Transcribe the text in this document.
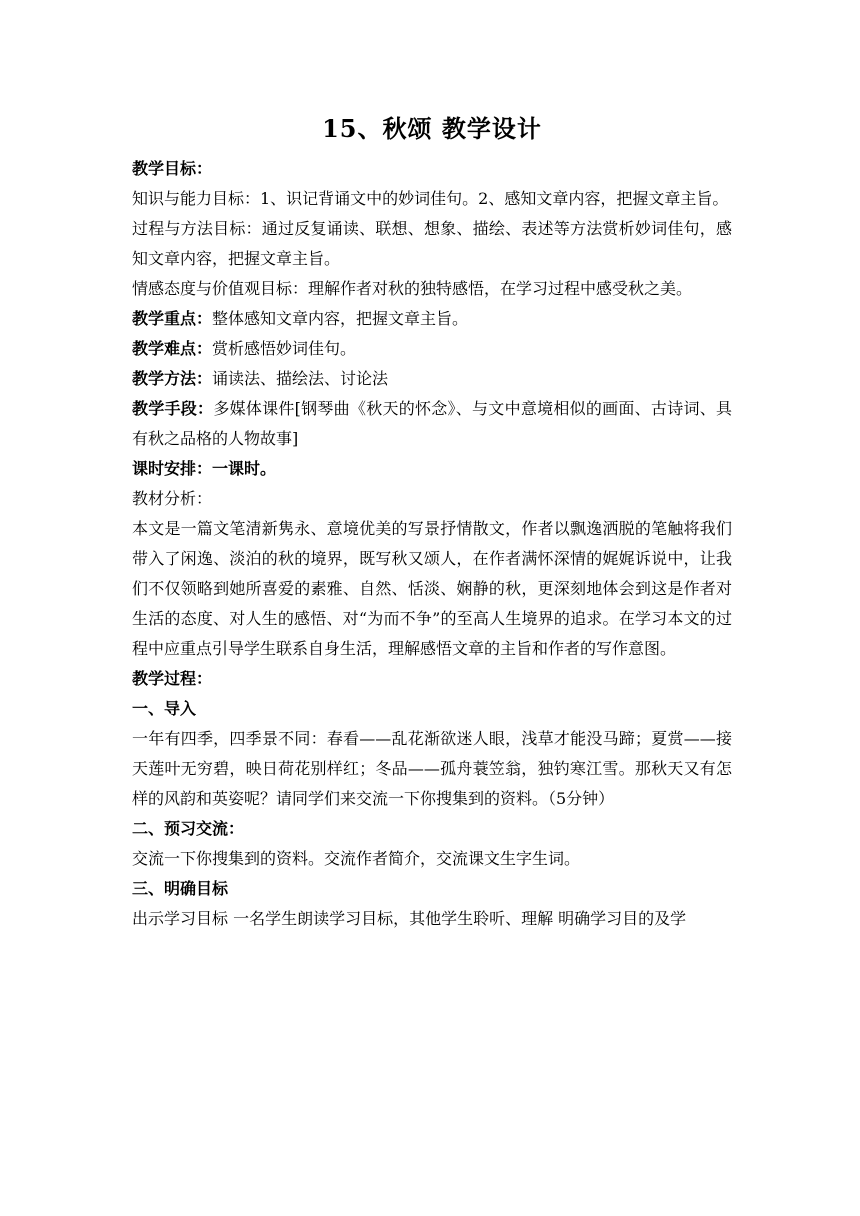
15、秋颂 教学设计

教学目标：

知识与能力目标：1、识记背诵文中的妙词佳句。2、感知文章内容，把握文章主旨。

过程与方法目标：通过反复诵读、联想、想象、描绘、表述等方法赏析妙词佳句，感知文章内容，把握文章主旨。

情感态度与价值观目标：理解作者对秋的独特感悟，在学习过程中感受秋之美。

教学重点：整体感知文章内容，把握文章主旨。

教学难点：赏析感悟妙词佳句。

教学方法：诵读法、描绘法、讨论法

教学手段：多媒体课件[钢琴曲《秋天的怀念》、与文中意境相似的画面、古诗词、具有秋之品格的人物故事]

课时安排：一课时。

教材分析：

本文是一篇文笔清新隽永、意境优美的写景抒情散文，作者以飘逸洒脱的笔触将我们带入了闲逸、淡泊的秋的境界，既写秋又颂人，在作者满怀深情的娓娓诉说中，让我们不仅领略到她所喜爱的素雅、自然、恬淡、娴静的秋，更深刻地体会到这是作者对生活的态度、对人生的感悟、对“为而不争”的至高人生境界的追求。在学习本文的过程中应重点引导学生联系自身生活，理解感悟文章的主旨和作者的写作意图。

教学过程：

一、导入

一年有四季，四季景不同：春看——乱花渐欲迷人眼，浅草才能没马蹄；夏赏——接天莲叶无穷碧，映日荷花别样红；冬品——孤舟蓑笠翁，独钓寒江雪。那秋天又有怎样的风韵和英姿呢？请同学们来交流一下你搜集到的资料。（5分钟）

二、预习交流：

交流一下你搜集到的资料。交流作者简介，交流课文生字生词。

三、明确目标

出示学习目标 一名学生朗读学习目标，其他学生聆听、理解 明确学习目的及学
